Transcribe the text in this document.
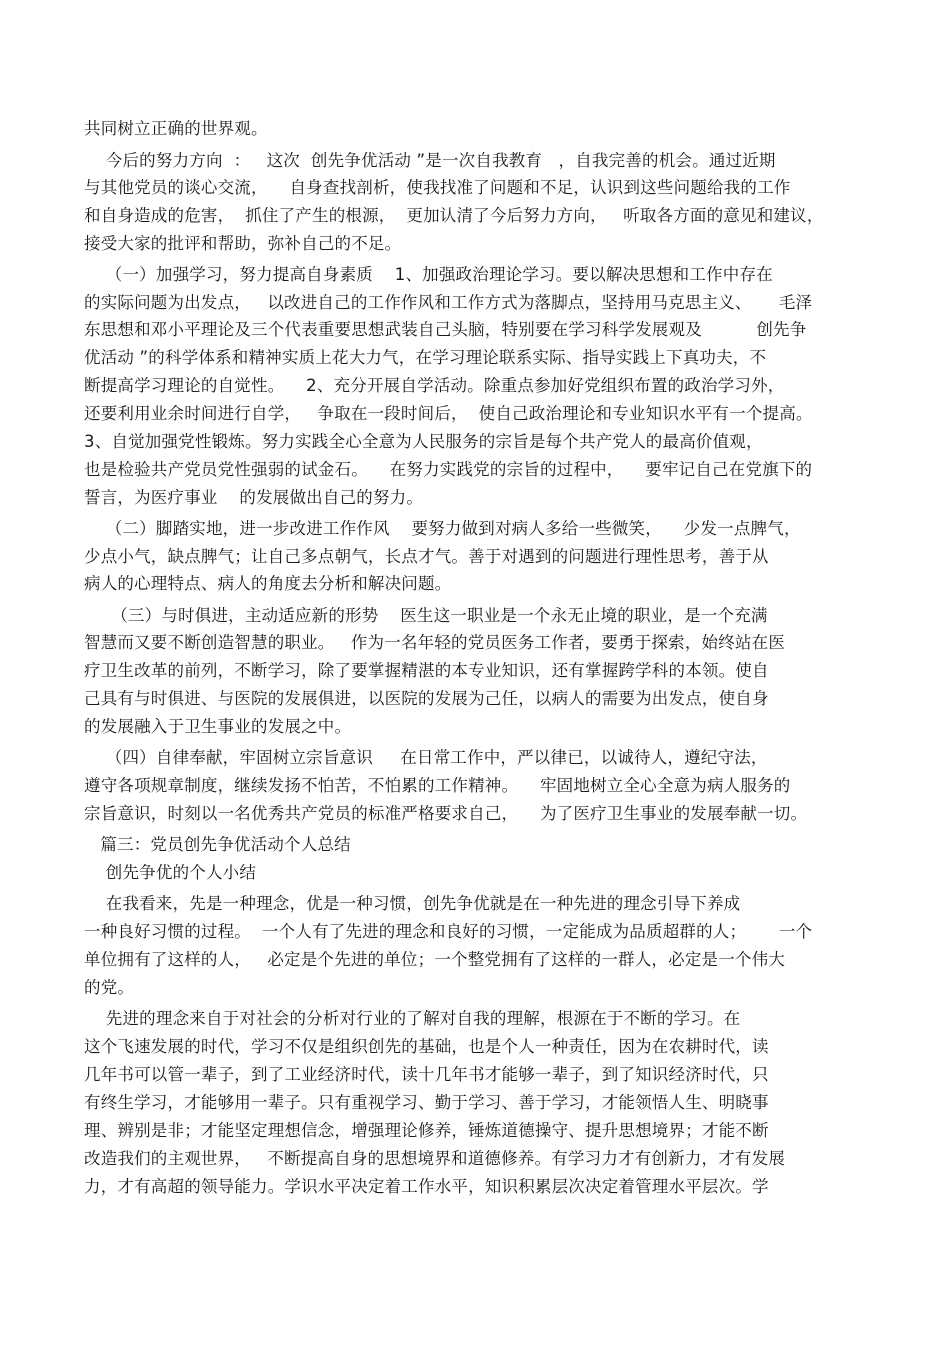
共同树立正确的世界观。
今后的努力方向  ：   这次  创先争优活动 ”是一次自我教育   ，自我完善的机会。通过近期
与其他党员的谈心交流，    自身查找剖析，使我找准了问题和不足，认识到这些问题给我的工作
和自身造成的危害，  抓住了产生的根源，  更加认清了今后努力方向，   听取各方面的意见和建议，
接受大家的批评和帮助，弥补自己的不足。
（一）加强学习，努力提高自身素质    1、加强政治理论学习。要以解决思想和工作中存在
的实际问题为出发点，   以改进自己的工作作风和工作方式为落脚点，坚持用马克思主义、     毛泽
东思想和邓小平理论及三个代表重要思想武装自己头脑，特别要在学习科学发展观及          创先争
优活动 ”的科学体系和精神实质上花大力气，在学习理论联系实际、指导实践上下真功夫，不
断提高学习理论的自觉性。    2、充分开展自学活动。除重点参加好党组织布置的政治学习外，
还要利用业余时间进行自学，   争取在一段时间后，  使自己政治理论和专业知识水平有一个提高。
3、自觉加强党性锻炼。努力实践全心全意为人民服务的宗旨是每个共产党人的最高价值观，
也是检验共产党员党性强弱的试金石。    在努力实践党的宗旨的过程中，    要牢记自己在党旗下的
誓言，为医疗事业    的发展做出自己的努力。
（二）脚踏实地，进一步改进工作作风    要努力做到对病人多给一些微笑，    少发一点脾气，
少点小气，缺点脾气；让自己多点朝气，长点才气。善于对遇到的问题进行理性思考，善于从
病人的心理特点、病人的角度去分析和解决问题。
（三）与时俱进，主动适应新的形势    医生这一职业是一个永无止境的职业，是一个充满
智慧而又要不断创造智慧的职业。   作为一名年轻的党员医务工作者，要勇于探索，始终站在医
疗卫生改革的前列，不断学习，除了要掌握精湛的本专业知识，还有掌握跨学科的本领。使自
己具有与时俱进、与医院的发展俱进，以医院的发展为己任，以病人的需要为出发点，使自身
的发展融入于卫生事业的发展之中。
（四）自律奉献，牢固树立宗旨意识     在日常工作中，严以律已，以诚待人，遵纪守法，
遵守各项规章制度，继续发扬不怕苦，不怕累的工作精神。    牢固地树立全心全意为病人服务的
宗旨意识，时刻以一名优秀共产党员的标准严格要求自己，    为了医疗卫生事业的发展奉献一切。
篇三：党员创先争优活动个人总结
创先争优的个人小结
在我看来，先是一种理念，优是一种习惯，创先争优就是在一种先进的理念引导下养成
一种良好习惯的过程。  一个人有了先进的理念和良好的习惯，一定能成为品质超群的人；      一个
单位拥有了这样的人，   必定是个先进的单位；一个整党拥有了这样的一群人，必定是一个伟大
的党。
先进的理念来自于对社会的分析对行业的了解对自我的理解，根源在于不断的学习。在
这个飞速发展的时代，学习不仅是组织创先的基础，也是个人一种责任，因为在农耕时代，读
几年书可以管一辈子，到了工业经济时代，读十几年书才能够一辈子，到了知识经济时代，只
有终生学习，才能够用一辈子。只有重视学习、勤于学习、善于学习，才能领悟人生、明晓事
理、辨别是非；才能坚定理想信念，增强理论修养，锤炼道德操守、提升思想境界；才能不断
改造我们的主观世界，   不断提高自身的思想境界和道德修养。有学习力才有创新力，才有发展
力，才有高超的领导能力。学识水平决定着工作水平，知识积累层次决定着管理水平层次。学
